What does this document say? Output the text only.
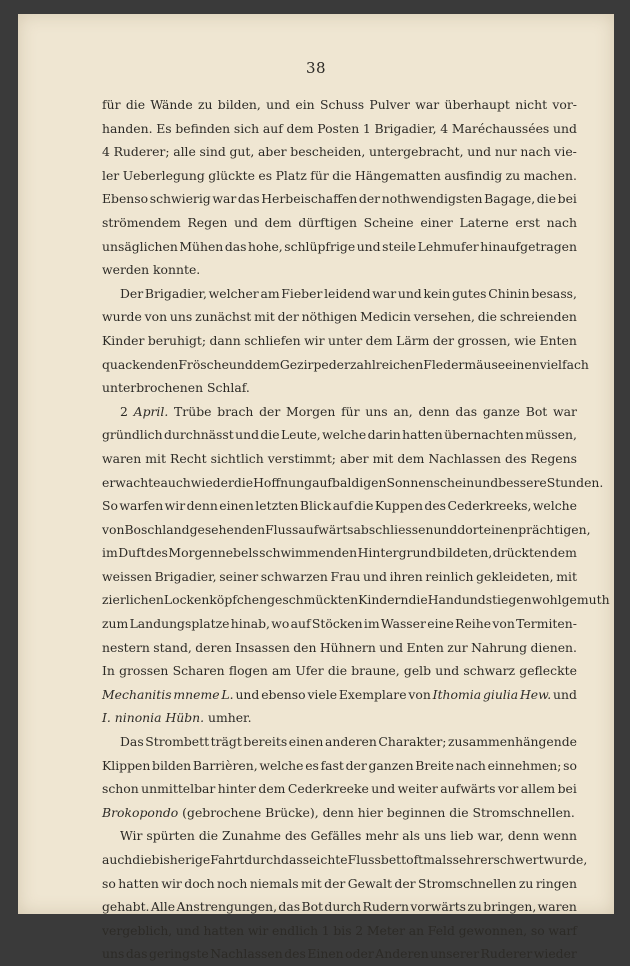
38
für die Wände zu bilden, und ein Schuss Pulver war überhaupt nicht vor-
handen. Es befinden sich auf dem Posten 1 Brigadier, 4 Maréchaussées und
4 Ruderer; alle sind gut, aber bescheiden, untergebracht, und nur nach vie-
ler Ueberlegung glückte es Platz für die Hängematten ausfindig zu machen.
Ebenso schwierig war das Herbeischaffen der nothwendigsten Bagage, die bei
strömendem Regen und dem dürftigen Scheine einer Laterne erst nach
unsäglichen Mühen das hohe, schlüpfrige und steile Lehmufer hinaufgetragen
werden konnte.
Der Brigadier, welcher am Fieber leidend war und kein gutes Chinin besass,
wurde von uns zunächst mit der nöthigen Medicin versehen, die schreienden
Kinder beruhigt; dann schliefen wir unter dem Lärm der grossen, wie Enten
quackenden Frösche und dem Gezirpe der zahlreichen Fledermäuse einen vielfach
unterbrochenen Schlaf.
2 April. Trübe brach der Morgen für uns an, denn das ganze Bot war
gründlich durchnässt und die Leute, welche darin hatten übernachten müssen,
waren mit Recht sichtlich verstimmt; aber mit dem Nachlassen des Regens
erwachte auch wieder die Hoffnung auf baldigen Sonnenschein und bessere Stunden.
So warfen wir denn einen letzten Blick auf die Kuppen des Cederkreeks, welche
von Boschland gesehen den Fluss aufwärts abschliessen und dort einen prächtigen,
im Duft des Morgennebels schwimmenden Hintergrund bildeten, drückten dem
weissen Brigadier, seiner schwarzen Frau und ihren reinlich gekleideten, mit
zierlichen Lockenköpfchen geschmückten Kindern die Hand und stiegen wohlgemuth
zum Landungsplatze hinab, wo auf Stöcken im Wasser eine Reihe von Termiten-
nestern stand, deren Insassen den Hühnern und Enten zur Nahrung dienen.
In grossen Scharen flogen am Ufer die braune, gelb und schwarz gefleckte
Mechanitis mneme L. und ebenso viele Exemplare von Ithomia giulia Hew. und
I. ninonia Hübn. umher.
Das Strombett trägt bereits einen anderen Charakter; zusammenhängende
Klippen bilden Barrièren, welche es fast der ganzen Breite nach einnehmen; so
schon unmittelbar hinter dem Cederkreeke und weiter aufwärts vor allem bei
Brokopondo (gebrochene Brücke), denn hier beginnen die Stromschnellen.
Wir spürten die Zunahme des Gefälles mehr als uns lieb war, denn wenn
auch die bisherige Fahrt durch das seichte Flussbett oftmals sehr erschwert wurde,
so hatten wir doch noch niemals mit der Gewalt der Stromschnellen zu ringen
gehabt. Alle Anstrengungen, das Bot durch Rudern vorwärts zu bringen, waren
vergeblich, und hatten wir endlich 1 bis 2 Meter an Feld gewonnen, so warf
uns das geringste Nachlassen des Einen oder Anderen unserer Ruderer wieder
